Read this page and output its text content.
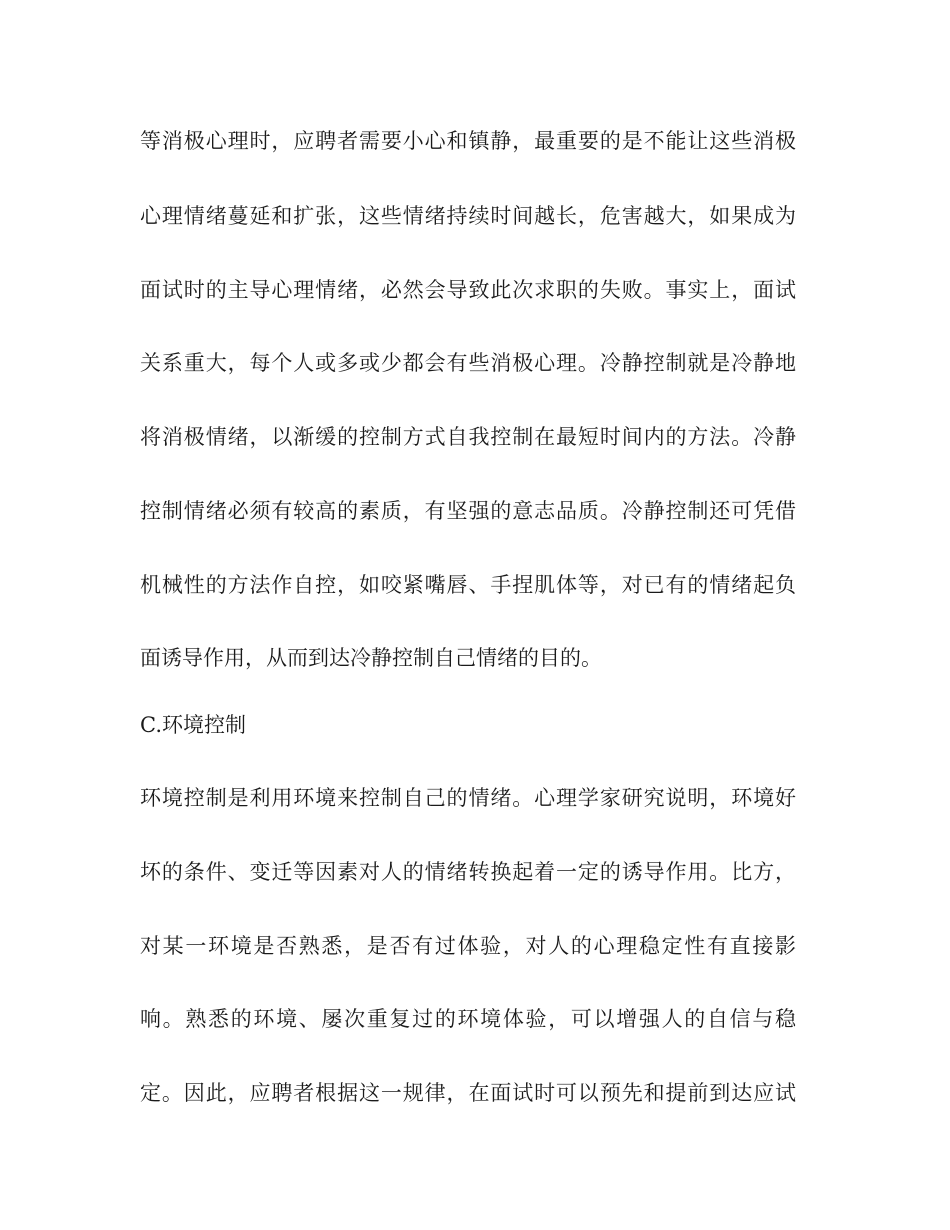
等消极心理时，应聘者需要小心和镇静，最重要的是不能让这些消极
心理情绪蔓延和扩张，这些情绪持续时间越长，危害越大，如果成为
面试时的主导心理情绪，必然会导致此次求职的失败。事实上，面试
关系重大，每个人或多或少都会有些消极心理。冷静控制就是冷静地
将消极情绪，以渐缓的控制方式自我控制在最短时间内的方法。冷静
控制情绪必须有较高的素质，有坚强的意志品质。冷静控制还可凭借
机械性的方法作自控，如咬紧嘴唇、手捏肌体等，对已有的情绪起负
面诱导作用，从而到达冷静控制自己情绪的目的。
C.环境控制
环境控制是利用环境来控制自己的情绪。心理学家研究说明，环境好
坏的条件、变迁等因素对人的情绪转换起着一定的诱导作用。比方，
对某一环境是否熟悉，是否有过体验，对人的心理稳定性有直接影
响。熟悉的环境、屡次重复过的环境体验，可以增强人的自信与稳
定。因此，应聘者根据这一规律，在面试时可以预先和提前到达应试
